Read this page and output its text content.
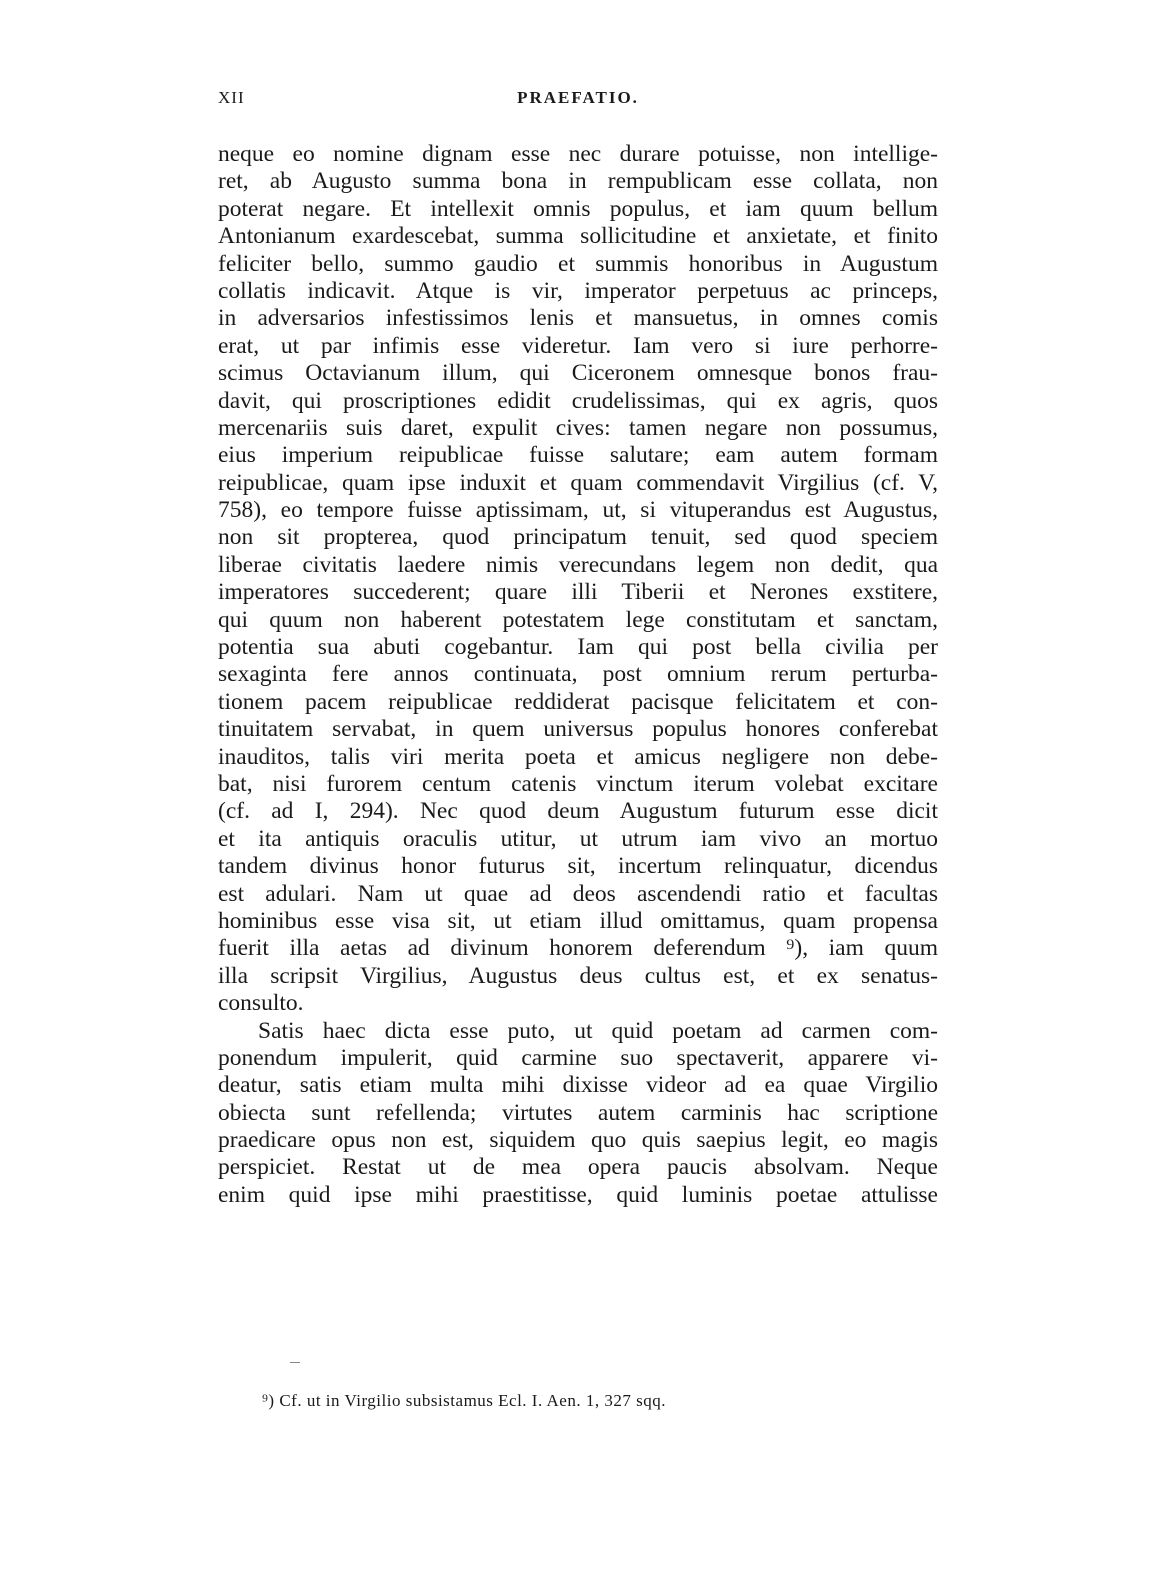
XII	PRAEFATIO.
neque eo nomine dignam esse nec durare potuisse, non intellige-
ret, ab Augusto summa bona in rempublicam esse collata, non
poterat negare. Et intellexit omnis populus, et iam quum bellum
Antonianum exardescebat, summa sollicitudine et anxietate, et finito
feliciter bello, summo gaudio et summis honoribus in Augustum
collatis indicavit. Atque is vir, imperator perpetuus ac princeps,
in adversarios infestissimos lenis et mansuetus, in omnes comis
erat, ut par infimis esse videretur. Iam vero si iure perhorre-
scimus Octavianum illum, qui Ciceronem omnesque bonos frau-
davit, qui proscriptiones edidit crudelissimas, qui ex agris, quos
mercenariis suis daret, expulit cives: tamen negare non possumus,
eius imperium reipublicae fuisse salutare; eam autem formam
reipublicae, quam ipse induxit et quam commendavit Virgilius (cf. V,
758), eo tempore fuisse aptissimam, ut, si vituperandus est Augustus,
non sit propterea, quod principatum tenuit, sed quod speciem
liberae civitatis laedere nimis verecundans legem non dedit, qua
imperatores succederent; quare illi Tiberii et Nerones exstitere,
qui quum non haberent potestatem lege constitutam et sanctam,
potentia sua abuti cogebantur. Iam qui post bella civilia per
sexaginta fere annos continuata, post omnium rerum perturba-
tionem pacem reipublicae reddiderat pacisque felicitatem et con-
tinuitatem servabat, in quem universus populus honores conferebat
inauditos, talis viri merita poeta et amicus negligere non debe-
bat, nisi furorem centum catenis vinctum iterum volebat excitare
(cf. ad I, 294). Nec quod deum Augustum futurum esse dicit
et ita antiquis oraculis utitur, ut utrum iam vivo an mortuo
tandem divinus honor futurus sit, incertum relinquatur, dicendus
est adulari. Nam ut quae ad deos ascendendi ratio et facultas
hominibus esse visa sit, ut etiam illud omittamus, quam propensa
fuerit illa aetas ad divinum honorem deferendum ⁹), iam quum
illa scripsit Virgilius, Augustus deus cultus est, et ex senatus-
consulto.
Satis haec dicta esse puto, ut quid poetam ad carmen com-
ponendum impulerit, quid carmine suo spectaverit, apparere vi-
deatur, satis etiam multa mihi dixisse videor ad ea quae Virgilio
obiecta sunt refellenda; virtutes autem carminis hac scriptione
praedicare opus non est, siquidem quo quis saepius legit, eo magis
perspiciet. Restat ut de mea opera paucis absolvam. Neque
enim quid ipse mihi praestitisse, quid luminis poetae attulisse
⁹) Cf. ut in Virgilio subsistamus Ecl. I. Aen. 1, 327 sqq.
